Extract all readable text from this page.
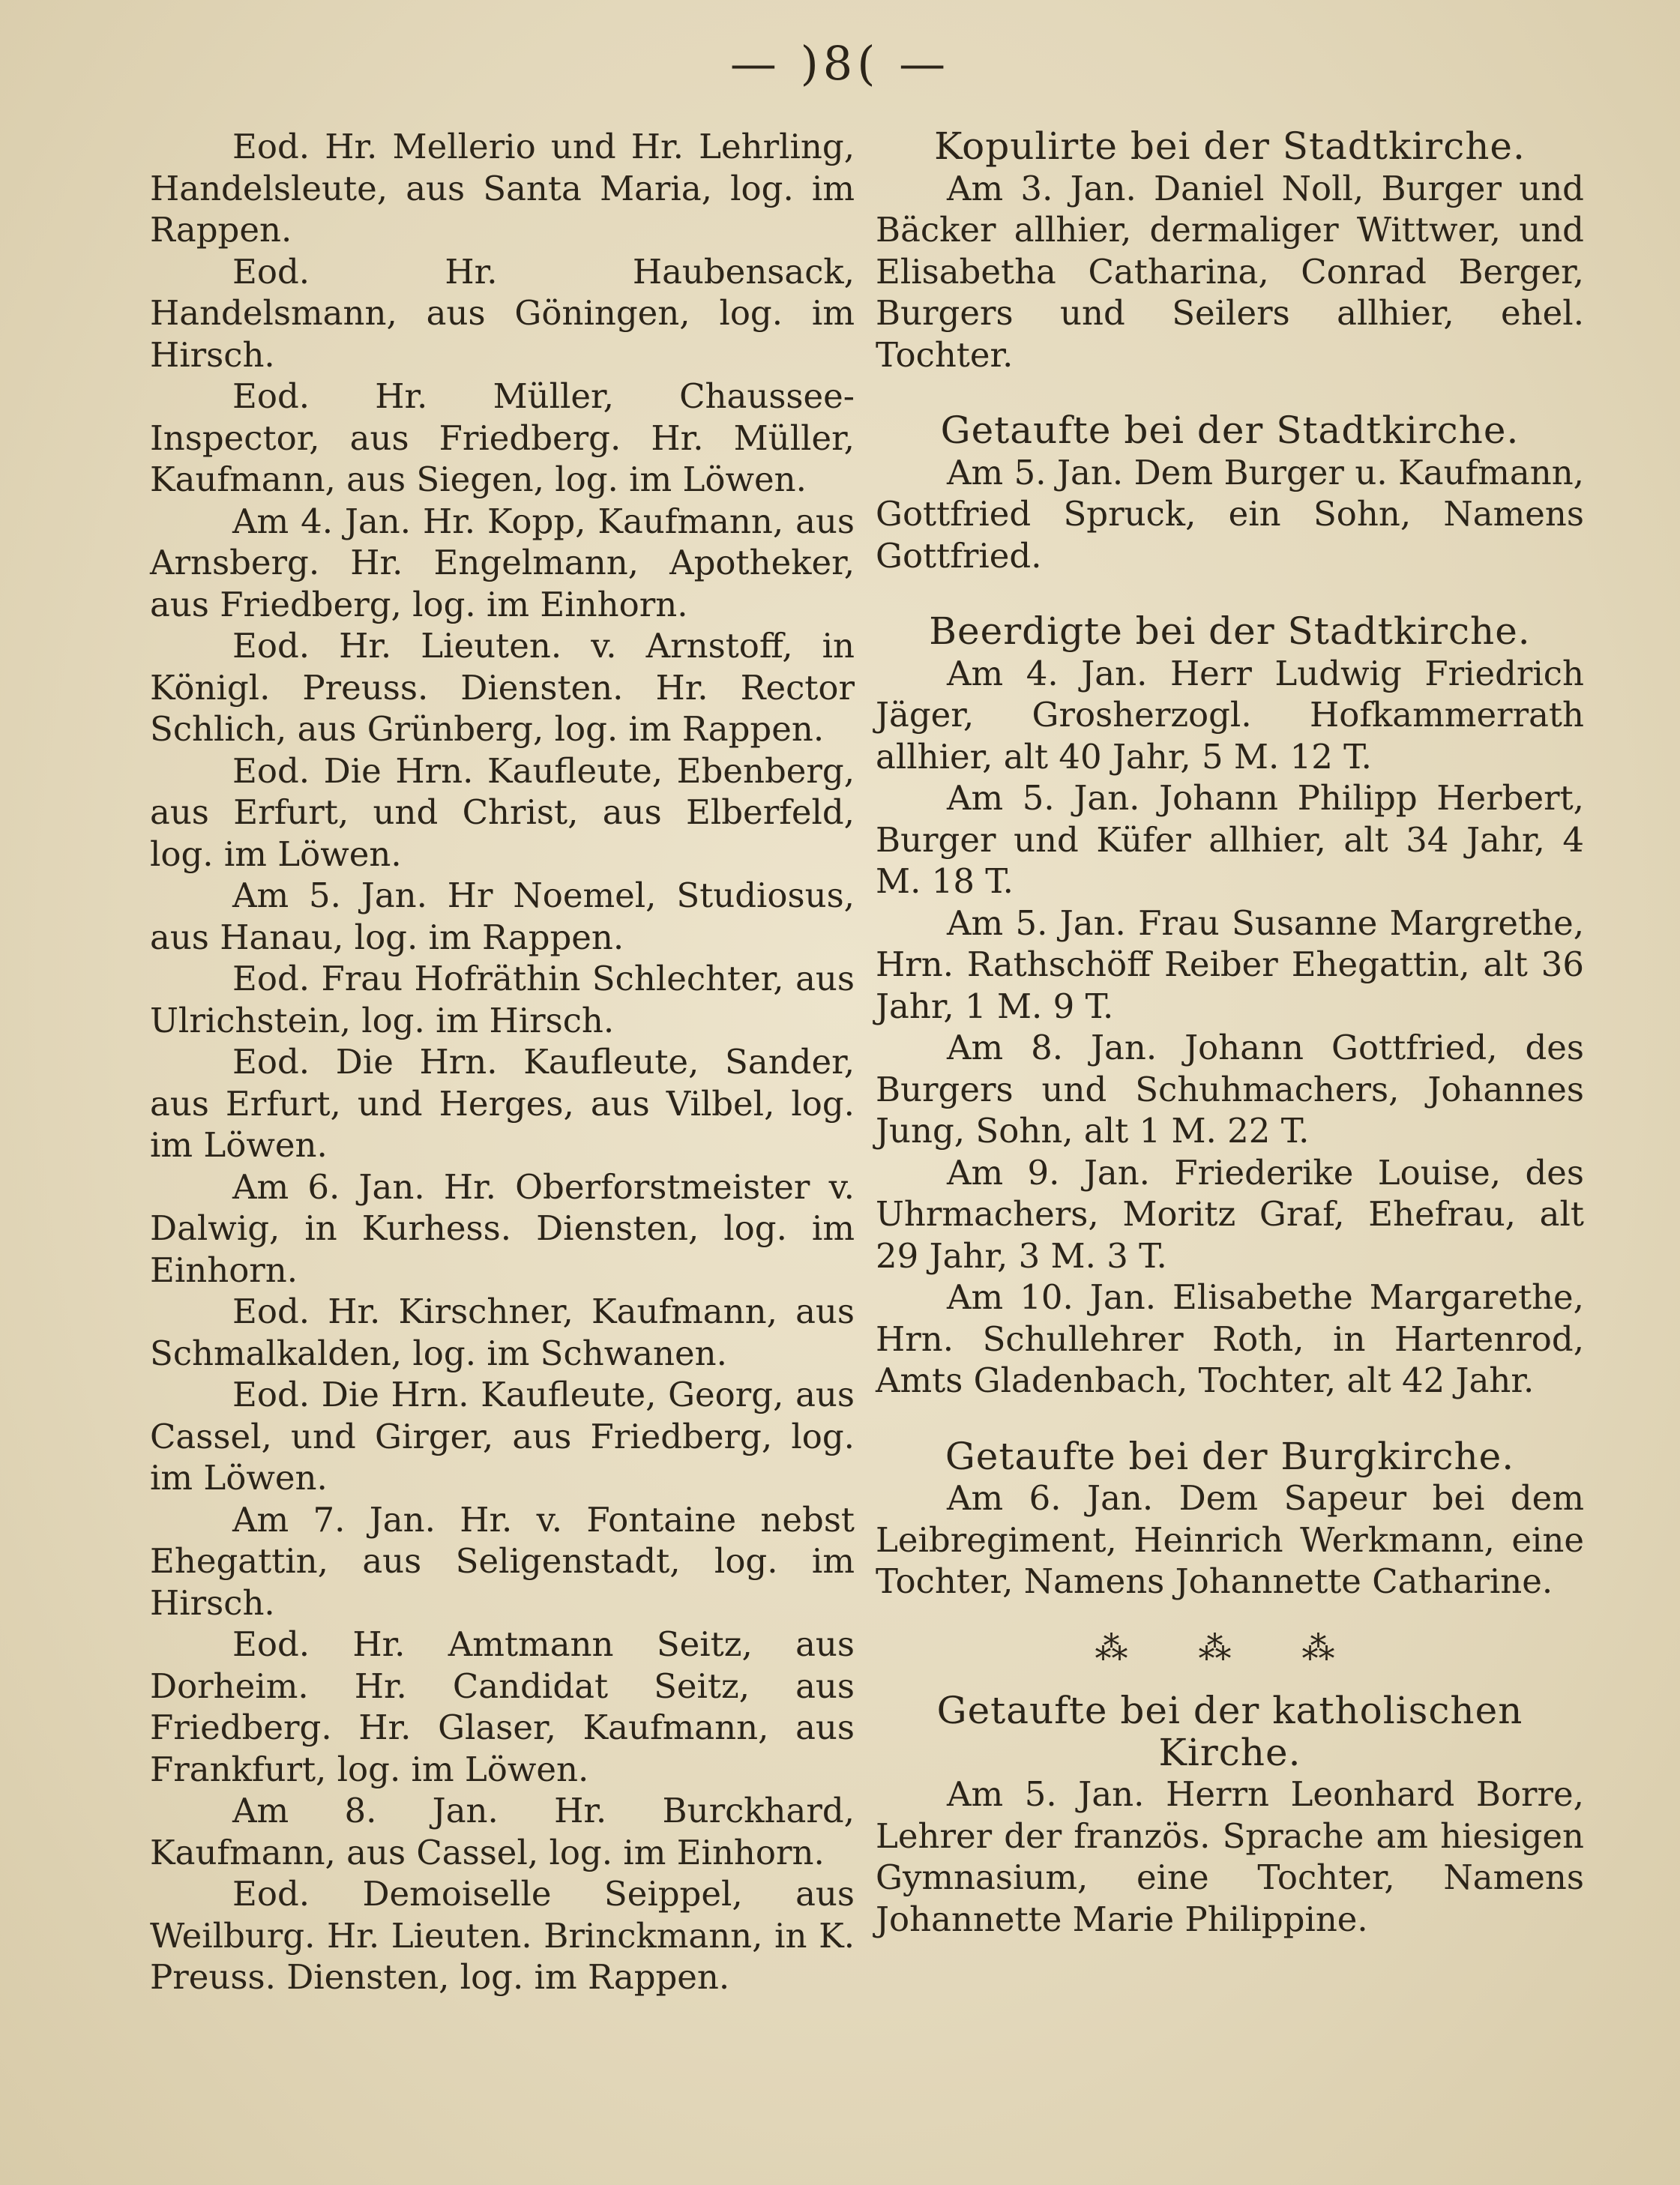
— )8( —

Eod. Hr. Mellerio und Hr. Lehrling, Handelsleute, aus Santa Maria, log. im Rappen.

Eod. Hr. Haubensack, Handelsmann, aus Göningen, log. im Hirsch.

Eod. Hr. Müller, Chaussee-Inspector, aus Friedberg. Hr. Müller, Kaufmann, aus Siegen, log. im Löwen.

Am 4. Jan. Hr. Kopp, Kaufmann, aus Arnsberg. Hr. Engelmann, Apotheker, aus Friedberg, log. im Einhorn.

Eod. Hr. Lieuten. v. Arnstoff, in Königl. Preuss. Diensten. Hr. Rector Schlich, aus Grünberg, log. im Rappen.

Eod. Die Hrn. Kaufleute, Ebenberg, aus Erfurt, und Christ, aus Elberfeld, log. im Löwen.

Am 5. Jan. Hr Noemel, Studiosus, aus Hanau, log. im Rappen.

Eod. Frau Hofräthin Schlechter, aus Ulrichstein, log. im Hirsch.

Eod. Die Hrn. Kaufleute, Sander, aus Erfurt, und Herges, aus Vilbel, log. im Löwen.

Am 6. Jan. Hr. Oberforstmeister v. Dalwig, in Kurhess. Diensten, log. im Einhorn.

Eod. Hr. Kirschner, Kaufmann, aus Schmalkalden, log. im Schwanen.

Eod. Die Hrn. Kaufleute, Georg, aus Cassel, und Girger, aus Friedberg, log. im Löwen.

Am 7. Jan. Hr. v. Fontaine nebst Ehegattin, aus Seligenstadt, log. im Hirsch.

Eod. Hr. Amtmann Seitz, aus Dorheim. Hr. Candidat Seitz, aus Friedberg. Hr. Glaser, Kaufmann, aus Frankfurt, log. im Löwen.

Am 8. Jan. Hr. Burckhard, Kaufmann, aus Cassel, log. im Einhorn.

Eod. Demoiselle Seippel, aus Weilburg. Hr. Lieuten. Brinckmann, in K. Preuss. Diensten, log. im Rappen.

Kopulirte bei der Stadtkirche.

Am 3. Jan. Daniel Noll, Burger und Bäcker allhier, dermaliger Wittwer, und Elisabetha Catharina, Conrad Berger, Burgers und Seilers allhier, ehel. Tochter.

Getaufte bei der Stadtkirche.

Am 5. Jan. Dem Burger u. Kaufmann, Gottfried Spruck, ein Sohn, Namens Gottfried.

Beerdigte bei der Stadtkirche.

Am 4. Jan. Herr Ludwig Friedrich Jäger, Grosherzogl. Hofkammerrath allhier, alt 40 Jahr, 5 M. 12 T.

Am 5. Jan. Johann Philipp Herbert, Burger und Küfer allhier, alt 34 Jahr, 4 M. 18 T.

Am 5. Jan. Frau Susanne Margrethe, Hrn. Rathschöff Reiber Ehegattin, alt 36 Jahr, 1 M. 9 T.

Am 8. Jan. Johann Gottfried, des Burgers und Schuhmachers, Johannes Jung, Sohn, alt 1 M. 22 T.

Am 9. Jan. Friederike Louise, des Uhrmachers, Moritz Graf, Ehefrau, alt 29 Jahr, 3 M. 3 T.

Am 10. Jan. Elisabethe Margarethe, Hrn. Schullehrer Roth, in Hartenrod, Amts Gladenbach, Tochter, alt 42 Jahr.

Getaufte bei der Burgkirche.

Am 6. Jan. Dem Sapeur bei dem Leibregiment, Heinrich Werkmann, eine Tochter, Namens Johannette Catharine.

⁂ ⁂ ⁂

Getaufte bei der katholischen Kirche.

Am 5. Jan. Herrn Leonhard Borre, Lehrer der französ. Sprache am hiesigen Gymnasium, eine Tochter, Namens Johannette Marie Philippine.
